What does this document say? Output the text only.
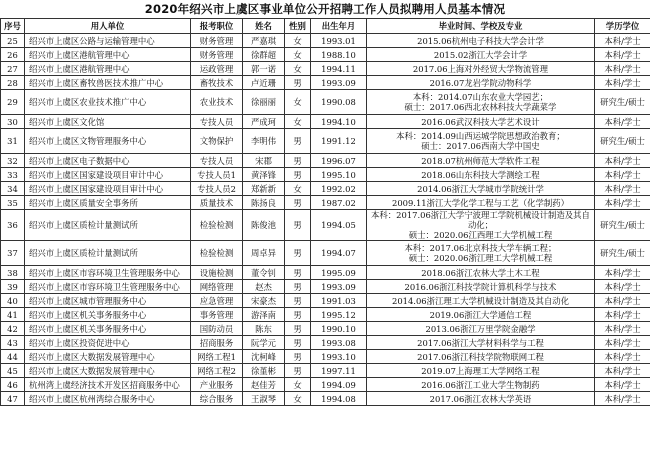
2020年绍兴市上虞区事业单位公开招聘工作人员拟聘用人员基本情况
序号	用人单位	报考职位	姓名	性别	出生年月	毕业时间、学校及专业	学历学位
25	绍兴市上虞区公路与运输管理中心	财务管理	严嘉琪	女	1993.01	2015.06杭州电子科技大学会计学	本科/学士
26	绍兴市上虞区港航管理中心	财务管理	徐群超	女	1988.10	2015.02浙江大学会计学	本科/学士
27	绍兴市上虞区港航管理中心	运政管理	郭一诺	女	1994.11	2017.06上海对外经贸大学物流管理	本科/学士
28	绍兴市上虞区畜牧兽医技术推广中心	畜牧技术	卢近珊	男	1993.09	2016.07龙岩学院动物科学	本科/学士
29	绍兴市上虞区农业技术推广中心	农业技术	徐丽丽	女	1990.08	本科：2014.07山东农业大学园艺；
硕士：2017.06西北农林科技大学蔬菜学	研究生/硕士
30	绍兴市上虞区文化馆	专技人员	严成珂	女	1994.10	2016.06武汉科技大学艺术设计	本科/学士
31	绍兴市上虞区文物管理服务中心	文物保护	李明伟	男	1991.12	本科：2014.09山西运城学院思想政治教育；
硕士：2017.06西南大学中国史	研究生/硕士
32	绍兴市上虞区电子数据中心	专技人员	宋郡	男	1996.07	2018.07杭州师范大学软件工程	本科/学士
33	绍兴市上虞区国家建设项目审计中心	专技人员1	黄泽锋	男	1995.10	2018.06山东科技大学测绘工程	本科/学士
34	绍兴市上虞区国家建设项目审计中心	专技人员2	郑新新	女	1992.02	2014.06浙江大学城市学院统计学	本科/学士
35	绍兴市上虞区质量安全事务所	质量技术	陈扬良	男	1987.02	2009.11浙江大学化学工程与工艺（化学制药）	本科/学士
36	绍兴市上虞区质检计量测试所	检验检测	陈俊池	男	1994.05	本科：2017.06浙江大学宁波理工学院机械设计制造及其自动化；
硕士：2020.06江西理工大学机械工程	研究生/硕士
37	绍兴市上虞区质检计量测试所	检验检测	周卓异	男	1994.07	本科：2017.06北京科技大学车辆工程；
硕士：2020.06浙江理工大学机械工程	研究生/硕士
38	绍兴市上虞区市容环境卫生管理服务中心	设施检测	董令钊	男	1995.09	2018.06浙江农林大学土木工程	本科/学士
39	绍兴市上虞区市容环境卫生管理服务中心	网络管理	赵杰	男	1993.09	2016.06浙江科技学院计算机科学与技术	本科/学士
40	绍兴市上虞区城市管理服务中心	应急管理	宋豪杰	男	1991.03	2014.06浙江理工大学机械设计制造及其自动化	本科/学士
41	绍兴市上虞区机关事务服务中心	事务管理	游泽南	男	1995.12	2019.06浙江大学通信工程	本科/学士
42	绍兴市上虞区机关事务服务中心	国防动员	陈东	男	1990.10	2013.06浙江万里学院金融学	本科/学士
43	绍兴市上虞区投资促进中心	招商服务	阮学元	男	1993.08	2017.06浙江大学材料科学与工程	本科/学士
44	绍兴市上虞区大数据发展管理中心	网络工程1	沈柯峰	男	1993.10	2017.06浙江科技学院物联网工程	本科/学士
45	绍兴市上虞区大数据发展管理中心	网络工程2	徐堇彬	男	1997.11	2019.07上海理工大学网络工程	本科/学士
46	杭州湾上虞经济技术开发区招商服务中心	产业服务	赵佳芳	女	1994.09	2016.06浙江工业大学生物制药	本科/学士
47	绍兴市上虞区杭州湾综合服务中心	综合服务	王淑琴	女	1994.08	2017.06浙江农林大学英语	本科/学士
